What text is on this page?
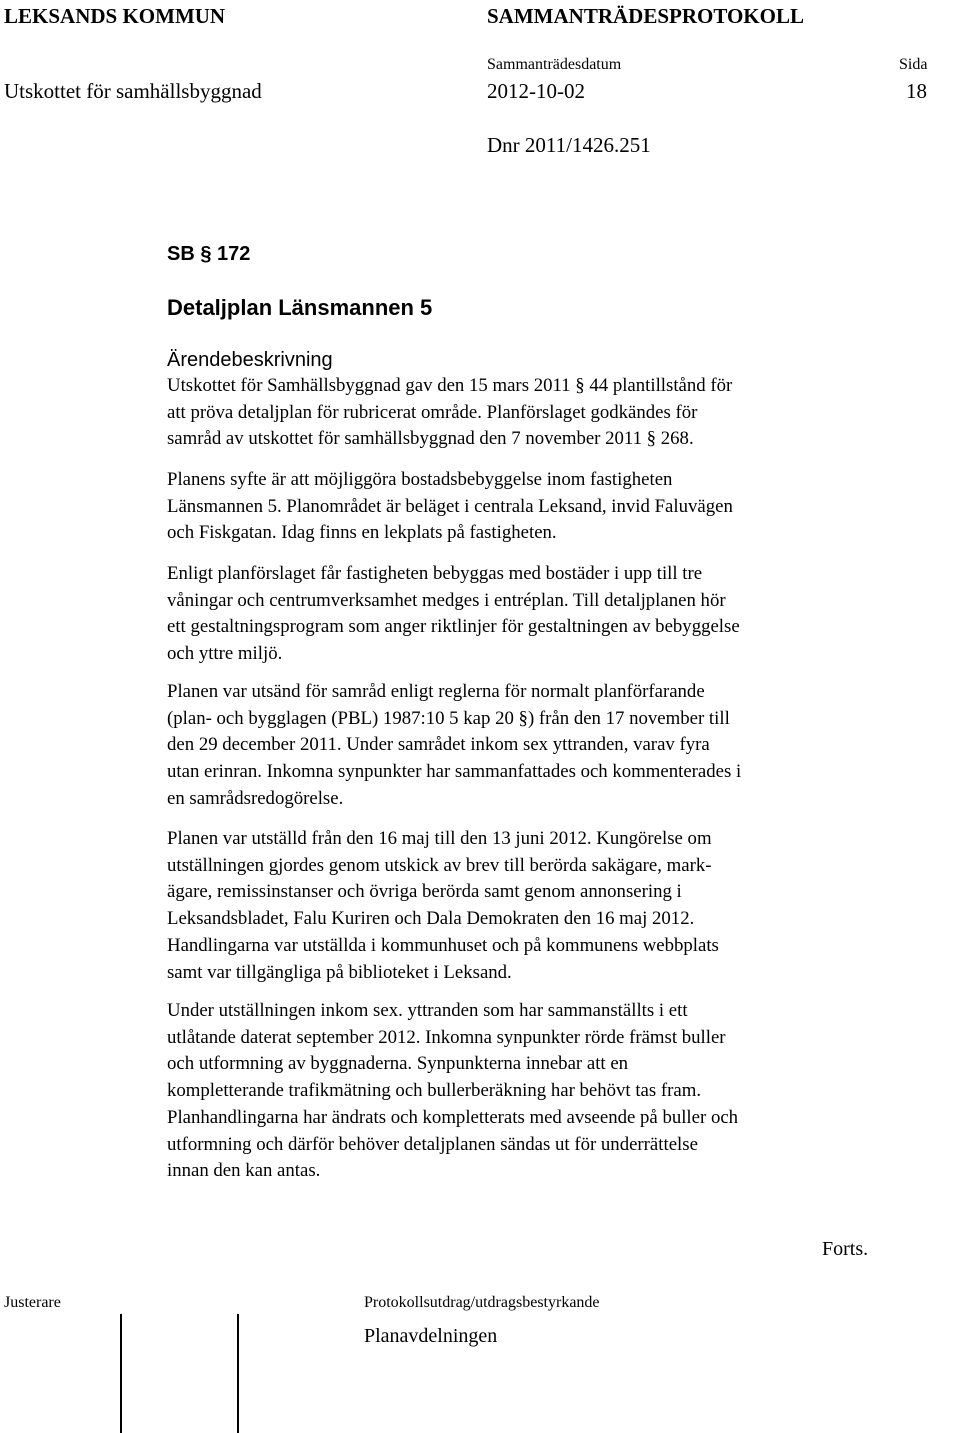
LEKSANDS KOMMUN	SAMMANTRÄDESPROTOKOLL
Sammanträdesdatum	Sida
Utskottet för samhällsbyggnad	2012-10-02	18
Dnr 2011/1426.251
SB § 172
Detaljplan Länsmannen 5
Ärendebeskrivning
Utskottet för Samhällsbyggnad gav den 15 mars 2011 § 44 plantillstånd för
att pröva detaljplan för rubricerat område. Planförslaget godkändes för
samråd av utskottet för samhällsbyggnad den 7 november 2011 § 268.
Planens syfte är att möjliggöra bostadsbebyggelse inom fastigheten
Länsmannen 5. Planområdet är beläget i centrala Leksand, invid Faluvägen
och Fiskgatan. Idag finns en lekplats på fastigheten.
Enligt planförslaget får fastigheten bebyggas med bostäder i upp till tre
våningar och centrumverksamhet medges i entréplan. Till detaljplanen hör
ett gestaltningsprogram som anger riktlinjer för gestaltningen av bebyggelse
och yttre miljö.
Planen var utsänd för samråd enligt reglerna för normalt planförfarande
(plan- och bygglagen (PBL) 1987:10 5 kap 20 §) från den 17 november till
den 29 december 2011. Under samrådet inkom sex yttranden, varav fyra
utan erinran. Inkomna synpunkter har sammanfattades och kommenterades i
en samrådsredogörelse.
Planen var utställd från den 16 maj till den 13 juni 2012. Kungörelse om
utställningen gjordes genom utskick av brev till berörda sakägare, mark-
ägare, remissinstanser och övriga berörda samt genom annonsering i
Leksandsbladet, Falu Kuriren och Dala Demokraten den 16 maj 2012.
Handlingarna var utställda i kommunhuset och på kommunens webbplats
samt var tillgängliga på biblioteket i Leksand.
Under utställningen inkom sex. yttranden som har sammanställts i ett
utlåtande daterat september 2012. Inkomna synpunkter rörde främst buller
och utformning av byggnaderna. Synpunkterna innebar att en
kompletterande trafikmätning och bullerberäkning har behövt tas fram.
Planhandlingarna har ändrats och kompletterats med avseende på buller och
utformning och därför behöver detaljplanen sändas ut för underrättelse
innan den kan antas.
Forts.
Justerare	Protokollsutdrag/utdragsbestyrkande
Planavdelningen
